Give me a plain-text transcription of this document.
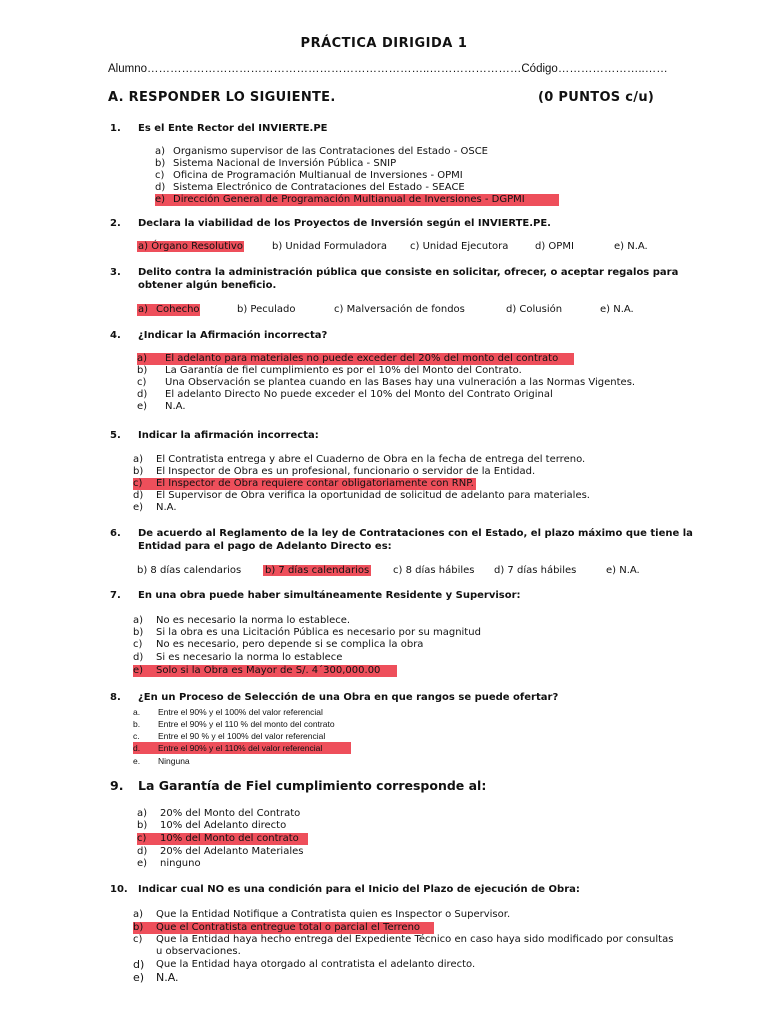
PRÁCTICA DIRIGIDA 1
Alumno………………………………………………………………..……………………Código…………………..……
A. RESPONDER LO SIGUIENTE.	(0 PUNTOS c/u)
1. Es el Ente Rector del INVIERTE.PE
a) Organismo supervisor de las Contrataciones del Estado - OSCE
b) Sistema Nacional de Inversión Pública - SNIP
c) Oficina de Programación Multianual de Inversiones - OPMI
d) Sistema Electrónico de Contrataciones del Estado - SEACE
e) Dirección General de Programación Multianual de Inversiones - DGPMI
2. Declara la viabilidad de los Proyectos de Inversión según el INVIERTE.PE.
a) Órgano Resolutivo	b) Unidad Formuladora c) Unidad Ejecutora	d) OPMI	e) N.A.
3. Delito contra la administración pública que consiste en solicitar, ofrecer, o aceptar regalos para obtener algún beneficio.
a) Cohecho	b) Peculado	c) Malversación de fondos	d) Colusión	e) N.A.
4. ¿Indicar la Afirmación incorrecta?
a) El adelanto para materiales no puede exceder del 20% del monto del contrato
b) La Garantía de fiel cumplimiento es por el 10% del Monto del Contrato.
c) Una Observación se plantea cuando en las Bases hay una vulneración a las Normas Vigentes.
d) El adelanto Directo No puede exceder el 10% del Monto del Contrato Original
e) N.A.
5. Indicar la afirmación incorrecta:
a) El Contratista entrega y abre el Cuaderno de Obra en la fecha de entrega del terreno.
b) El Inspector de Obra es un profesional, funcionario o servidor de la Entidad.
c) El Inspector de Obra requiere contar obligatoriamente con RNP.
d) El Supervisor de Obra verifica la oportunidad de solicitud de adelanto para materiales.
e) N.A.
6. De acuerdo al Reglamento de la ley de Contrataciones con el Estado, el plazo máximo que tiene la Entidad para el pago de Adelanto Directo es:
b) 8 días calendarios b) 7 días calendarios c) 8 días hábiles d) 7 días hábiles	e) N.A.
7. En una obra puede haber simultáneamente Residente y Supervisor:
a) No es necesario la norma lo establece.
b) Si la obra es una Licitación Pública es necesario por su magnitud
c) No es necesario, pero depende si se complica la obra
d) Si es necesario la norma lo establece
e) Solo si la Obra es Mayor de S/. 4´300,000.00
8. ¿En un Proceso de Selección de una Obra en que rangos se puede ofertar?
a. Entre el 90% y el 100% del valor referencial
b. Entre el 90% y el 110 % del monto del contrato
c. Entre el 90 % y el 100% del valor referencial
d. Entre el 90% y el 110% del valor referencial
e. Ninguna
9. La Garantía de Fiel cumplimiento corresponde al:
a) 20% del Monto del Contrato
b) 10% del Adelanto directo
c) 10% del Monto del contrato
d) 20% del Adelanto Materiales
e) ninguno
10. Indicar cual NO es una condición para el Inicio del Plazo de ejecución de Obra:
a) Que la Entidad Notifique a Contratista quien es Inspector o Supervisor.
b) Que el Contratista entregue total o parcial el Terreno
c) Que la Entidad haya hecho entrega del Expediente Técnico en caso haya sido modificado por consultas
u observaciones.
d) Que la Entidad haya otorgado al contratista el adelanto directo.
e) N.A.
